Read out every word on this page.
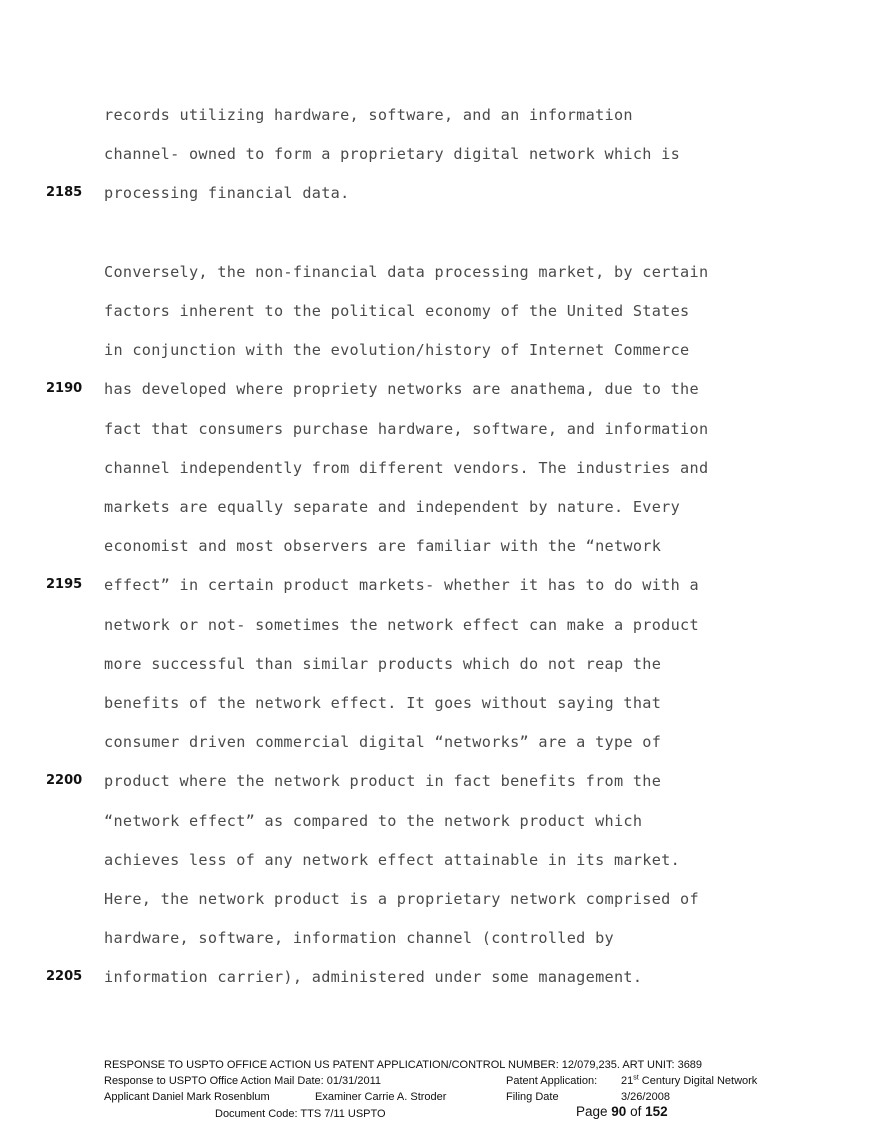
records utilizing hardware, software, and an information
channel- owned to form a proprietary digital network which is
processing financial data.
Conversely, the non-financial data processing market, by certain
factors inherent to the political economy of the United States
in conjunction with the evolution/history of Internet Commerce
has developed where propriety networks are anathema, due to the
fact that consumers purchase hardware, software, and information
channel independently from different vendors. The industries and
markets are equally separate and independent by nature. Every
economist and most observers are familiar with the “network
effect” in certain product markets- whether it has to do with a
network or not- sometimes the network effect can make a product
more successful than similar products which do not reap the
benefits of the network effect. It goes without saying that
consumer driven commercial digital “networks” are a type of
product where the network product in fact benefits from the
“network effect” as compared to the network product which
achieves less of any network effect attainable in its market.
Here, the network product is a proprietary network comprised of
hardware, software, information channel (controlled by
information carrier), administered under some management.
2185
2190
2195
2200
2205
RESPONSE TO USPTO OFFICE ACTION US PATENT APPLICATION/CONTROL NUMBER: 12/079,235. ART UNIT: 3689
Response to USPTO Office Action Mail Date: 01/31/2011	Patent Application: 21st Century Digital Network
Applicant Daniel Mark Rosenblum	Examiner Carrie A. Stroder	Filing Date	3/26/2008
Document Code: TTS 7/11 USPTO	Page 90 of 152
